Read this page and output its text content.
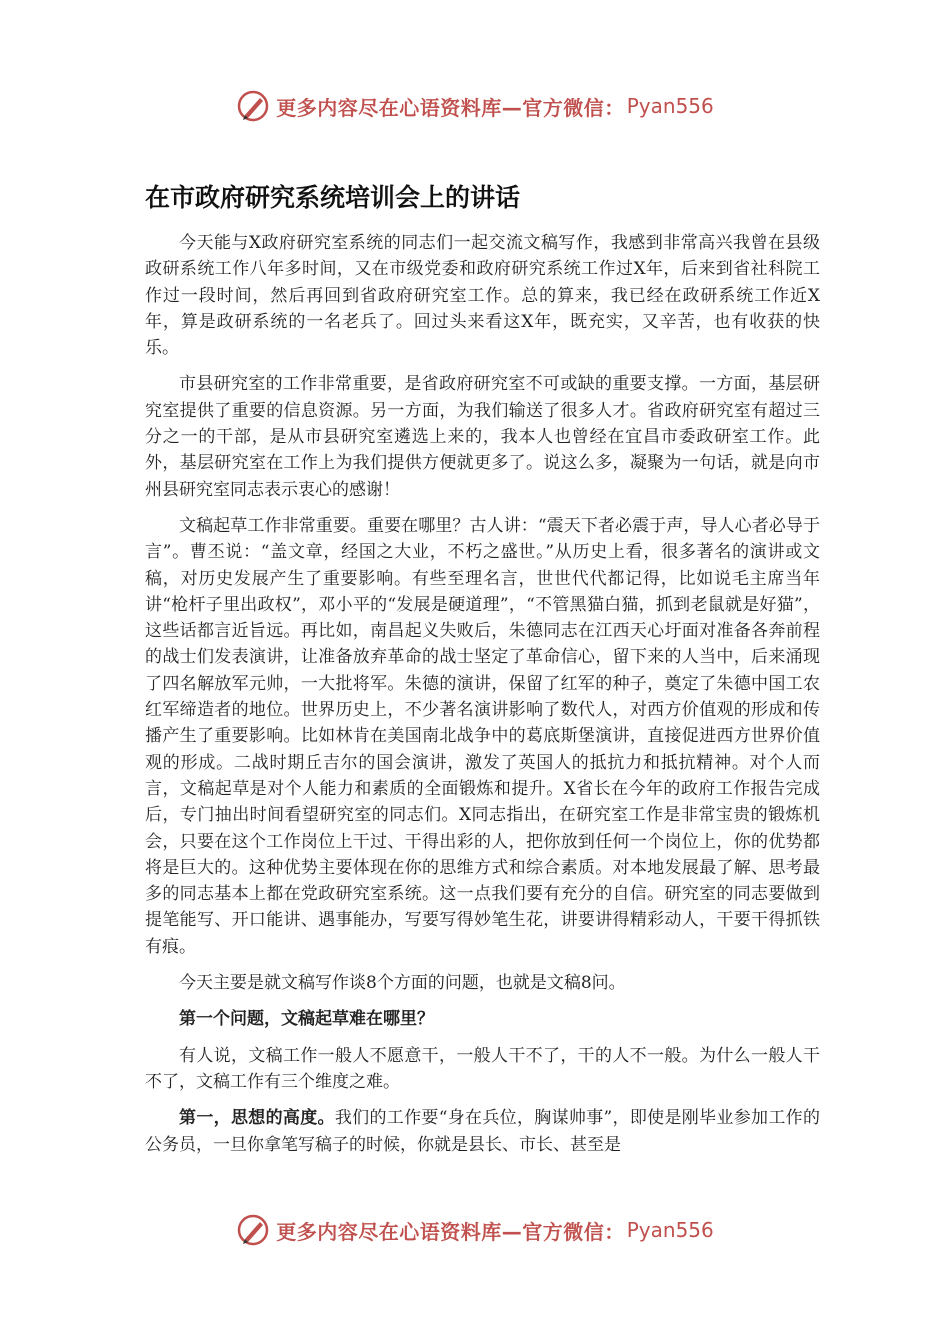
更多内容尽在心语资料库—官方微信： Pyan556
在市政府研究系统培训会上的讲话

今天能与X政府研究室系统的同志们一起交流文稿写作，我感到非常高兴我曾在县级政研系统工作八年多时间，又在市级党委和政府研究系统工作过X年，后来到省社科院工作过一段时间，然后再回到省政府研究室工作。总的算来，我已经在政研系统工作近X年，算是政研系统的一名老兵了。回过头来看这X年，既充实，又辛苦，也有收获的快乐。

市县研究室的工作非常重要，是省政府研究室不可或缺的重要支撑。一方面，基层研究室提供了重要的信息资源。另一方面，为我们输送了很多人才。省政府研究室有超过三分之一的干部，是从市县研究室遴选上来的，我本人也曾经在宜昌市委政研室工作。此外，基层研究室在工作上为我们提供方便就更多了。说这么多，凝聚为一句话，就是向市州县研究室同志表示衷心的感谢！

文稿起草工作非常重要。重要在哪里？古人讲：“震天下者必震于声，导人心者必导于言”。曹丕说：“盖文章，经国之大业，不朽之盛世。”从历史上看，很多著名的演讲或文稿，对历史发展产生了重要影响。有些至理名言，世世代代都记得，比如说毛主席当年讲“枪杆子里出政权”，邓小平的“发展是硬道理”，“不管黑猫白猫，抓到老鼠就是好猫”，这些话都言近旨远。再比如，南昌起义失败后，朱德同志在江西天心圩面对准备各奔前程的战士们发表演讲，让准备放弃革命的战士坚定了革命信心，留下来的人当中，后来涌现了四名解放军元帅，一大批将军。朱德的演讲，保留了红军的种子，奠定了朱德中国工农红军缔造者的地位。世界历史上，不少著名演讲影响了数代人，对西方价值观的形成和传播产生了重要影响。比如林肯在美国南北战争中的葛底斯堡演讲，直接促进西方世界价值观的形成。二战时期丘吉尔的国会演讲，激发了英国人的抵抗力和抵抗精神。对个人而言，文稿起草是对个人能力和素质的全面锻炼和提升。X省长在今年的政府工作报告完成后，专门抽出时间看望研究室的同志们。X同志指出，在研究室工作是非常宝贵的锻炼机会，只要在这个工作岗位上干过、干得出彩的人，把你放到任何一个岗位上，你的优势都将是巨大的。这种优势主要体现在你的思维方式和综合素质。对本地发展最了解、思考最多的同志基本上都在党政研究室系统。这一点我们要有充分的自信。研究室的同志要做到提笔能写、开口能讲、遇事能办，写要写得妙笔生花，讲要讲得精彩动人，干要干得抓铁有痕。

今天主要是就文稿写作谈8个方面的问题，也就是文稿8问。

第一个问题，文稿起草难在哪里？

有人说，文稿工作一般人不愿意干，一般人干不了，干的人不一般。为什么一般人干不了，文稿工作有三个维度之难。

第一，思想的高度。我们的工作要“身在兵位，胸谋帅事”，即使是刚毕业参加工作的公务员，一旦你拿笔写稿子的时候，你就是县长、市长、甚至是

更多内容尽在心语资料库—官方微信： Pyan556
